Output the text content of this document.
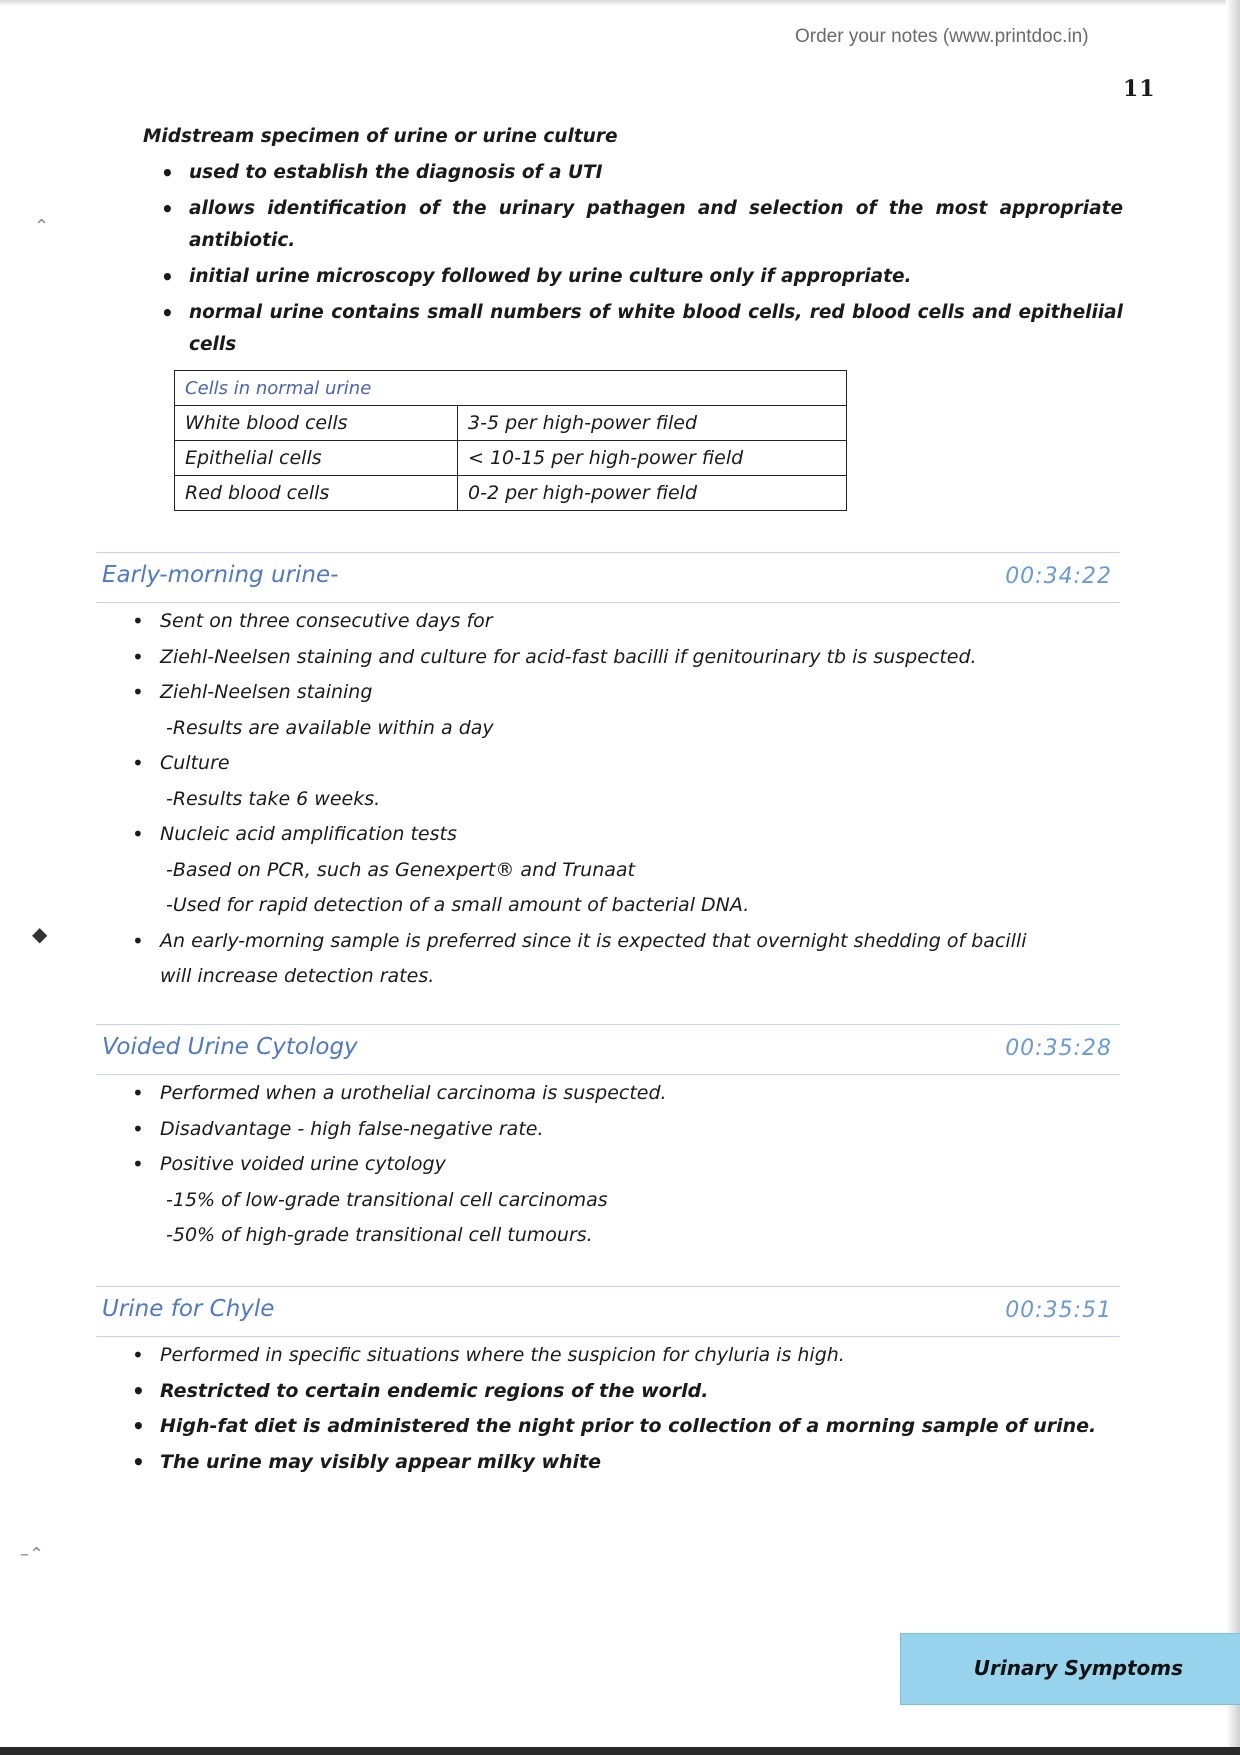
Order your notes (www.printdoc.in)
11
⌃
◆
–⌃
Midstream specimen of urine or urine culture
• used to establish the diagnosis of a UTI
• allows identification of the urinary pathagen and selection of the most appropriate antibiotic.
• initial urine microscopy followed by urine culture only if appropriate.
• normal urine contains small numbers of white blood cells, red blood cells and epitheliial cells
Cells in normal urine	
White blood cells	3-5 per high-power filed
Epithelial cells	< 10-15 per high-power field
Red blood cells	0-2 per high-power field
Early-morning urine-	00:34:22
• Sent on three consecutive days for
• Ziehl-Neelsen staining and culture for acid-fast bacilli if genitourinary tb is suspected.
• Ziehl-Neelsen staining
-Results are available within a day
• Culture
-Results take 6 weeks.
• Nucleic acid amplification tests
-Based on PCR, such as Genexpert® and Trunaat
-Used for rapid detection of a small amount of bacterial DNA.
• An early-morning sample is preferred since it is expected that overnight shedding of bacilli
will increase detection rates.
Voided Urine Cytology	00:35:28
• Performed when a urothelial carcinoma is suspected.
• Disadvantage - high false-negative rate.
• Positive voided urine cytology
-15% of low-grade transitional cell carcinomas
-50% of high-grade transitional cell tumours.
Urine for Chyle	00:35:51
• Performed in specific situations where the suspicion for chyluria is high.
• Restricted to certain endemic regions of the world.
• High-fat diet is administered the night prior to collection of a morning sample of urine.
• The urine may visibly appear milky white
Urinary Symptoms
